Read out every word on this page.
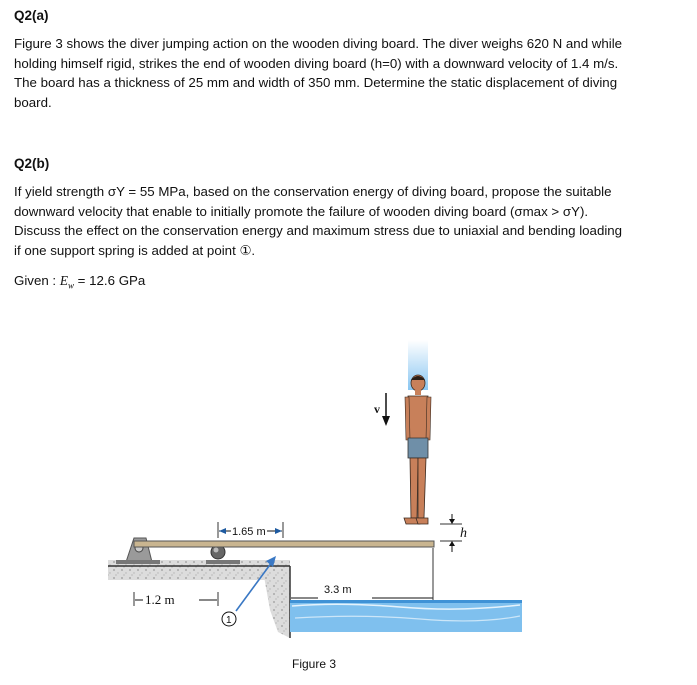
Q2(a)
Figure 3 shows the diver jumping action on the wooden diving board. The diver weighs 620 N and while holding himself rigid, strikes the end of wooden diving board (h=0) with a downward velocity of 1.4 m/s. The board has a thickness of 25 mm and width of 350 mm. Determine the static displacement of diving board.
Q2(b)
If yield strength σY = 55 MPa, based on the conservation energy of diving board, propose the suitable downward velocity that enable to initially promote the failure of wooden diving board (σmax > σY). Discuss the effect on the conservation energy and maximum stress due to uniaxial and bending loading if one support spring is added at point ①.
Given : $E_w = 12.6$ GPa
1.65 m
1.2 m
3.3 m
1
v
h
Figure 3
